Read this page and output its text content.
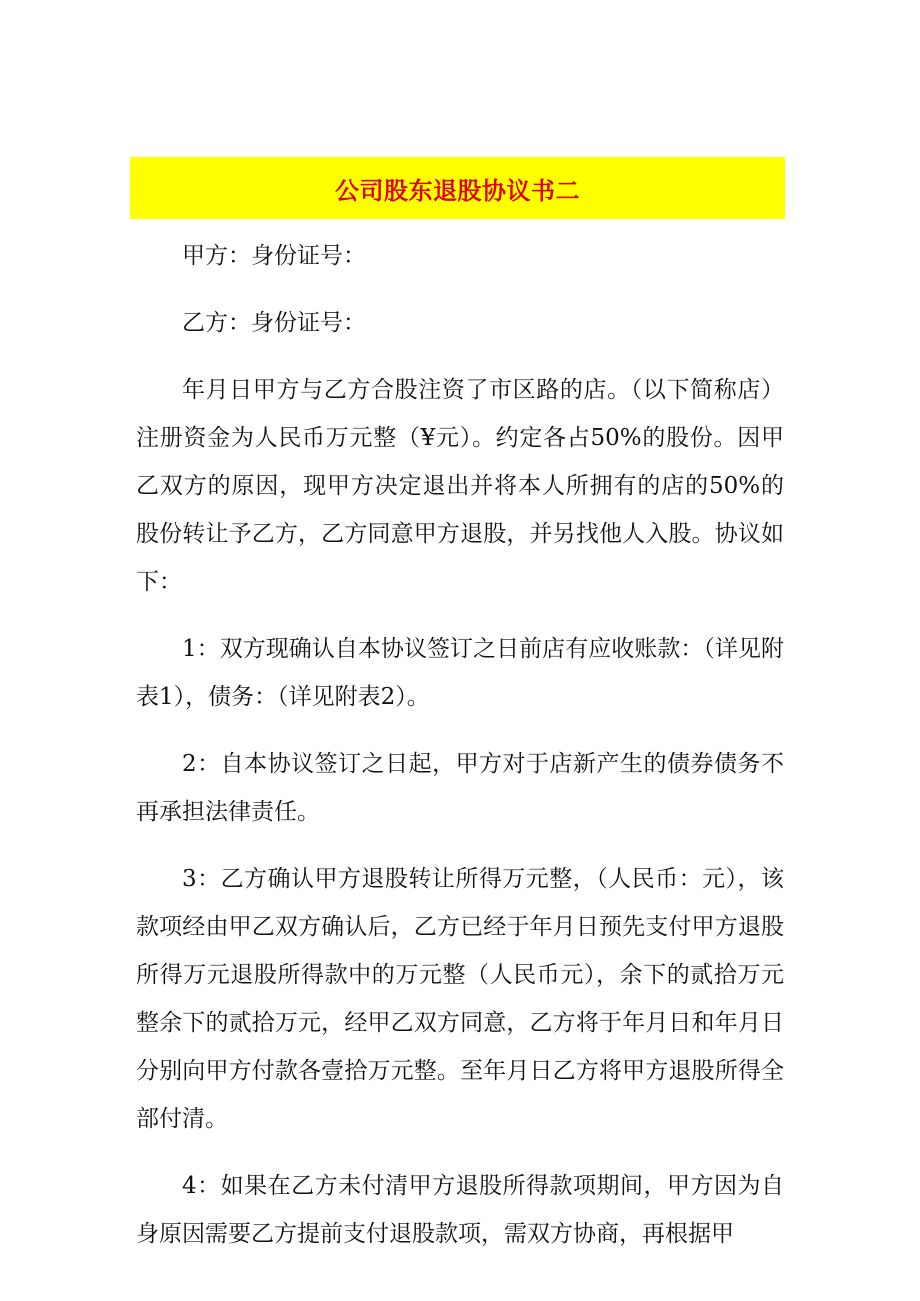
公司股东退股协议书二

甲方：身份证号：

乙方：身份证号：

年月日甲方与乙方合股注资了市区路的店。（以下简称店）注册资金为人民币万元整（¥元）。约定各占50%的股份。因甲乙双方的原因，现甲方决定退出并将本人所拥有的店的50%的股份转让予乙方，乙方同意甲方退股，并另找他人入股。协议如下：

1：双方现确认自本协议签订之日前店有应收账款：（详见附表1），债务：（详见附表2）。

2：自本协议签订之日起，甲方对于店新产生的债券债务不再承担法律责任。

3：乙方确认甲方退股转让所得万元整，（人民币：元），该款项经由甲乙双方确认后，乙方已经于年月日预先支付甲方退股所得万元退股所得款中的万元整（人民币元），余下的贰拾万元整余下的贰拾万元，经甲乙双方同意，乙方将于年月日和年月日分别向甲方付款各壹拾万元整。至年月日乙方将甲方退股所得全部付清。

4：如果在乙方未付清甲方退股所得款项期间，甲方因为自身原因需要乙方提前支付退股款项，需双方协商，再根据甲
